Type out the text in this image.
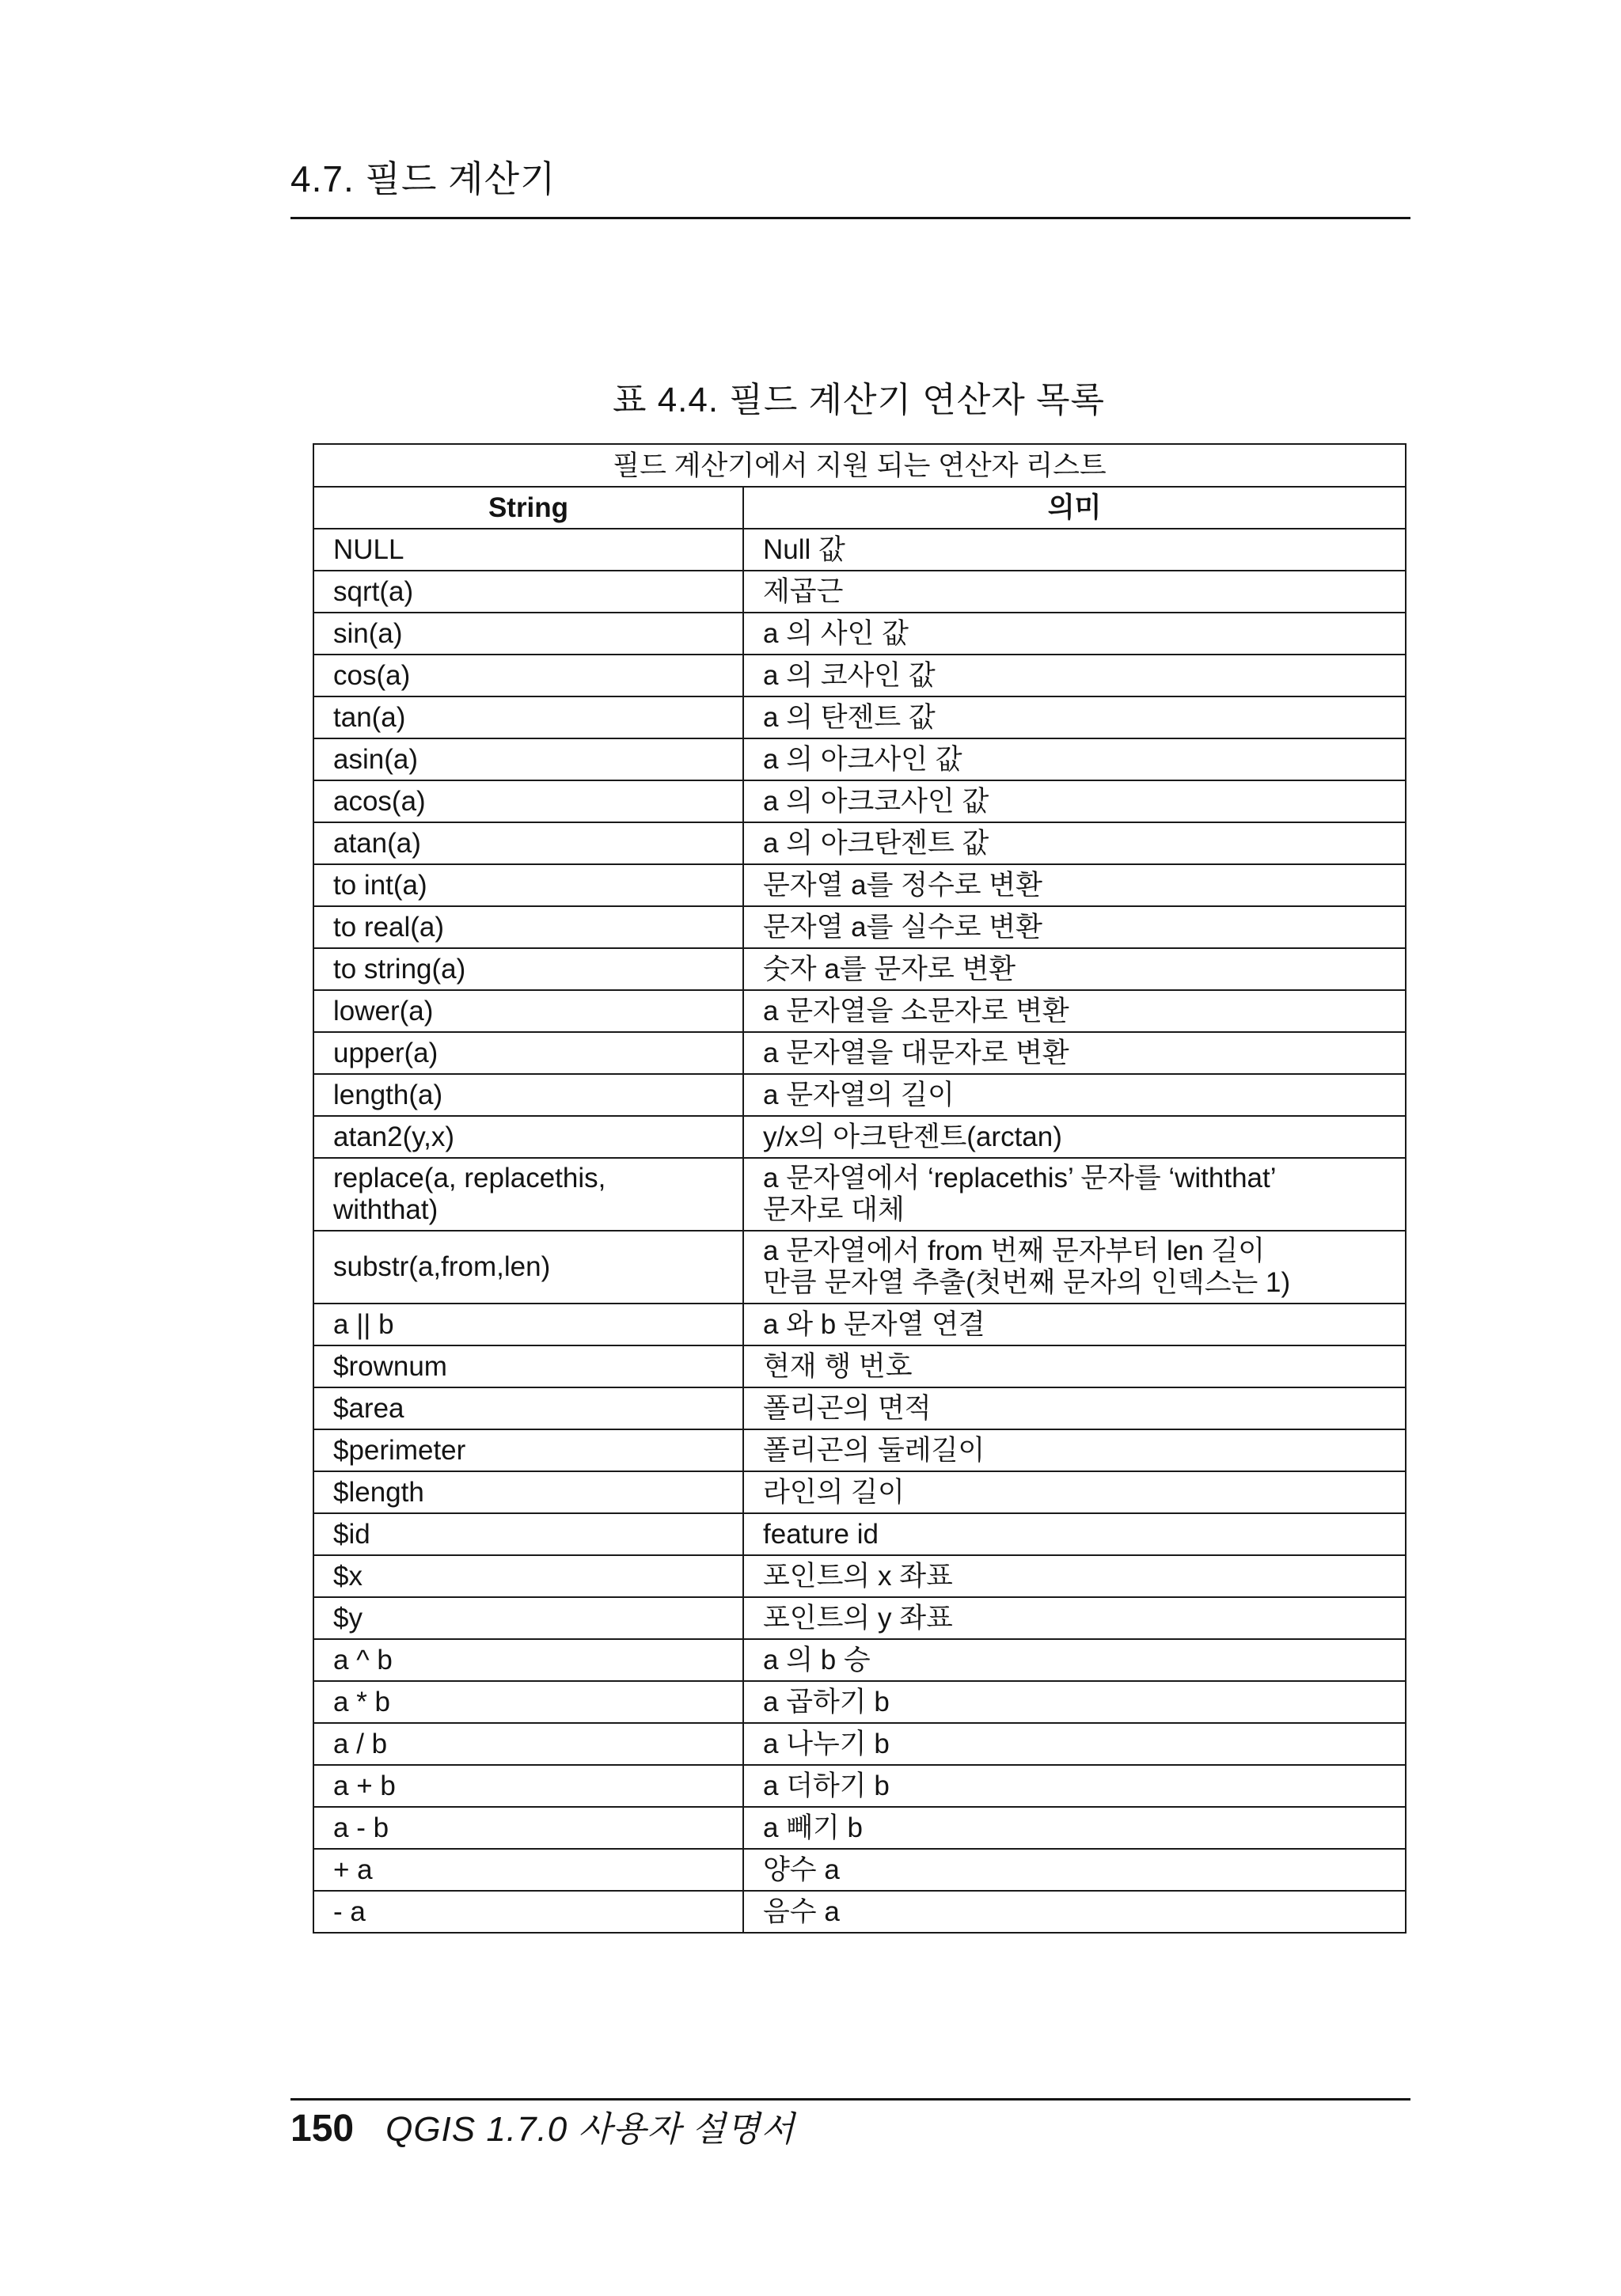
4.7. 필드 계산기
표 4.4. 필드 계산기 연산자 목록
필드 계산기에서 지원 되는 연산자 리스트	
String	의미
NULL	Null 값
sqrt(a)	제곱근
sin(a)	a 의 사인 값
cos(a)	a 의 코사인 값
tan(a)	a 의 탄젠트 값
asin(a)	a 의 아크사인 값
acos(a)	a 의 아크코사인 값
atan(a)	a 의 아크탄젠트 값
to int(a)	문자열 a를 정수로 변환
to real(a)	문자열 a를 실수로 변환
to string(a)	숫자 a를 문자로 변환
lower(a)	a 문자열을 소문자로 변환
upper(a)	a 문자열을 대문자로 변환
length(a)	a 문자열의 길이
atan2(y,x)	y/x의 아크탄젠트(arctan)
replace(a, replacethis,
withthat)	a 문자열에서 ‘replacethis’ 문자를 ‘withthat’
문자로 대체
substr(a,from,len)	a 문자열에서 from 번째 문자부터 len 길이
만큼 문자열 추출(첫번째 문자의 인덱스는 1)
a || b	a 와 b 문자열 연결
$rownum	현재 행 번호
$area	폴리곤의 면적
$perimeter	폴리곤의 둘레길이
$length	라인의 길이
$id	feature id
$x	포인트의 x 좌표
$y	포인트의 y 좌표
a ^ b	a 의 b 승
a * b	a 곱하기 b
a / b	a 나누기 b
a + b	a 더하기 b
a - b	a 빼기 b
+ a	양수 a
- a	음수 a
150 QGIS 1.7.0 사용자 설명서
